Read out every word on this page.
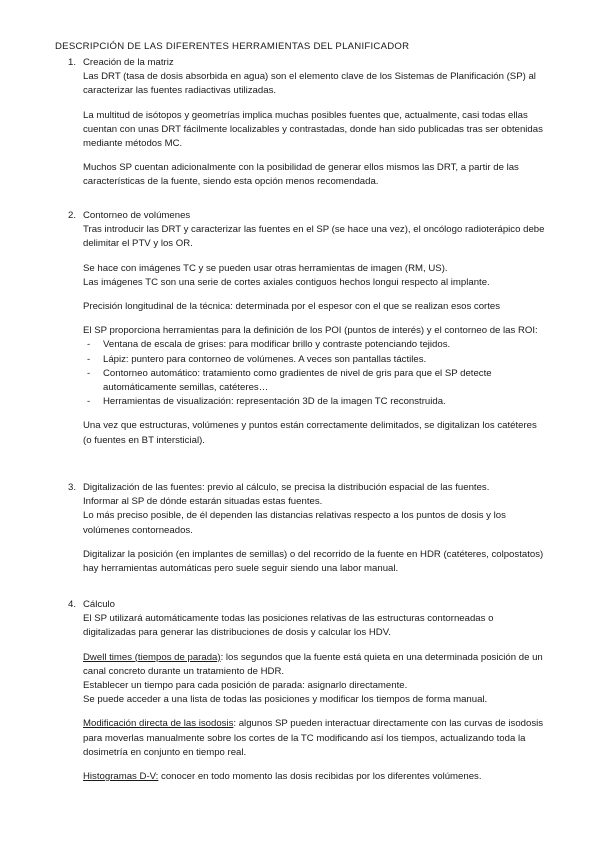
DESCRIPCIÓN DE LAS DIFERENTES HERRAMIENTAS DEL PLANIFICADOR
1. Creación de la matriz

Las DRT (tasa de dosis absorbida en agua) son el elemento clave de los Sistemas de Planificación (SP) al caracterizar las fuentes radiactivas utilizadas.

La multitud de isótopos y geometrías implica muchas posibles fuentes que, actualmente, casi todas ellas cuentan con unas DRT fácilmente localizables y contrastadas, donde han sido publicadas tras ser obtenidas mediante métodos MC.

Muchos SP cuentan adicionalmente con la posibilidad de generar ellos mismos las DRT, a partir de las características de la fuente, siendo esta opción menos recomendada.

2. Contorneo de volúmenes

Tras introducir las DRT y caracterizar las fuentes en el SP (se hace una vez), el oncólogo radioterápico debe delimitar el PTV y los OR.

Se hace con imágenes TC y se pueden usar otras herramientas de imagen (RM, US).
Las imágenes TC son una serie de cortes axiales contiguos hechos longui respecto al implante.

Precisión longitudinal de la técnica: determinada por el espesor con el que se realizan esos cortes

El SP proporciona herramientas para la definición de los POI (puntos de interés) y el contorneo de las ROI:

- Ventana de escala de grises: para modificar brillo y contraste potenciando tejidos.
- Lápiz: puntero para contorneo de volúmenes. A veces son pantallas táctiles.
- Contorneo automático: tratamiento como gradientes de nivel de gris para que el SP detecte automáticamente semillas, catéteres…
- Herramientas de visualización: representación 3D de la imagen TC reconstruida.

Una vez que estructuras, volúmenes y puntos están correctamente delimitados, se digitalizan los catéteres (o fuentes en BT intersticial).

3. Digitalización de las fuentes: previo al cálculo, se precisa la distribución espacial de las fuentes.

Informar al SP de dónde estarán situadas estas fuentes.
Lo más preciso posible, de él dependen las distancias relativas respecto a los puntos de dosis y los volúmenes contorneados.

Digitalizar la posición (en implantes de semillas) o del recorrido de la fuente en HDR (catéteres, colpostatos) hay herramientas automáticas pero suele seguir siendo una labor manual.

4. Cálculo

El SP utilizará automáticamente todas las posiciones relativas de las estructuras contorneadas o digitalizadas para generar las distribuciones de dosis y calcular los HDV.

Dwell times (tiempos de parada): los segundos que la fuente está quieta en una determinada posición de un canal concreto durante un tratamiento de HDR.
Establecer un tiempo para cada posición de parada: asignarlo directamente.
Se puede acceder a una lista de todas las posiciones y modificar los tiempos de forma manual.

Modificación directa de las isodosis: algunos SP pueden interactuar directamente con las curvas de isodosis para moverlas manualmente sobre los cortes de la TC modificando así los tiempos, actualizando toda la dosimetría en conjunto en tiempo real.

Histogramas D-V: conocer en todo momento las dosis recibidas por los diferentes volúmenes.
